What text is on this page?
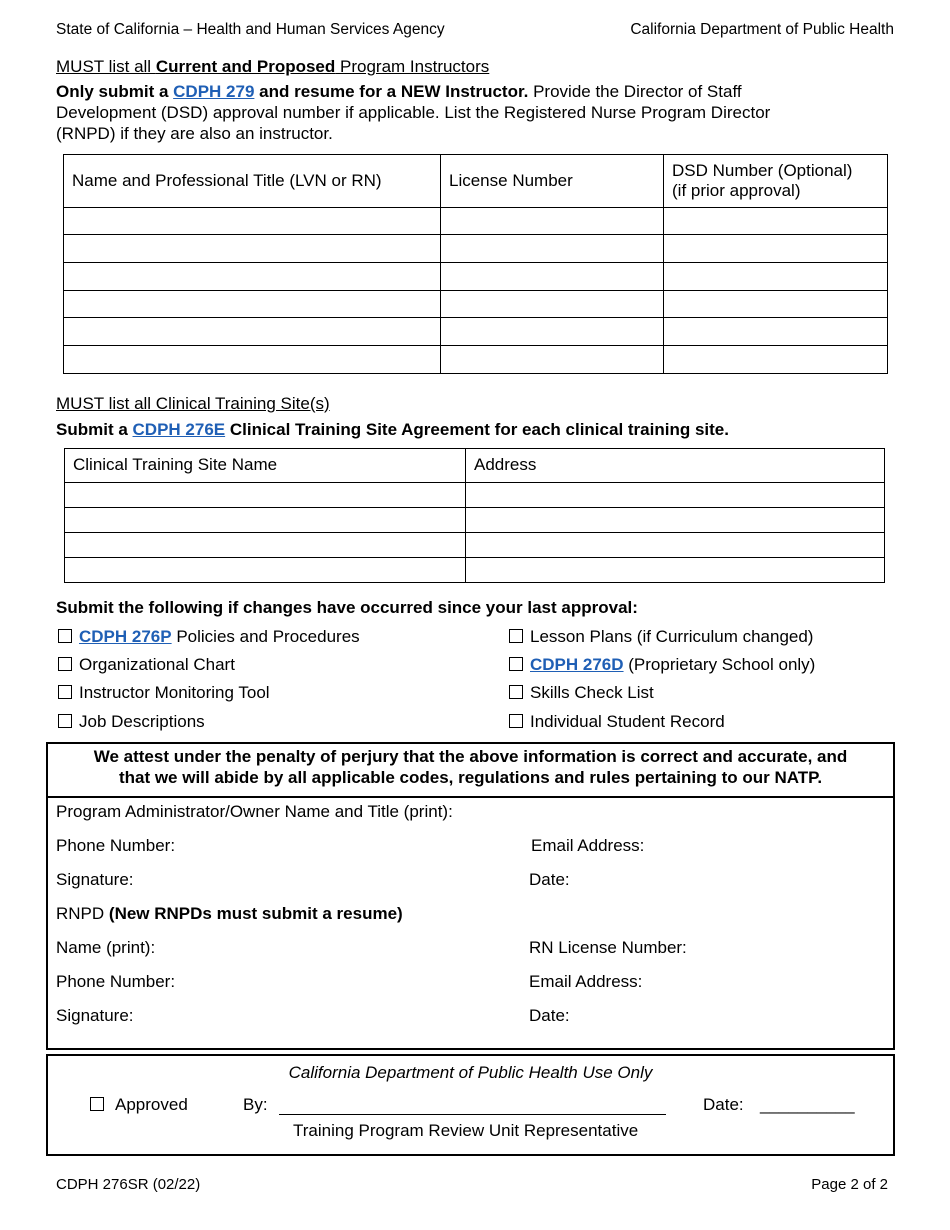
State of California – Health and Human Services Agency	California Department of Public Health
MUST list all Current and Proposed Program Instructors
Only submit a CDPH 279 and resume for a NEW Instructor. Provide the Director of Staff
Development (DSD) approval number if applicable. List the Registered Nurse Program Director
(RNPD) if they are also an instructor.
Name and Professional Title (LVN or RN)	License Number	DSD Number (Optional)
(if prior approval)

MUST list all Clinical Training Site(s)
Submit a CDPH 276E Clinical Training Site Agreement for each clinical training site.
Clinical Training Site Name	Address

Submit the following if changes have occurred since your last approval:
CDPH 276P Policies and Procedures
Organizational Chart
Instructor Monitoring Tool
Job Descriptions
Lesson Plans (if Curriculum changed)
CDPH 276D (Proprietary School only)
Skills Check List
Individual Student Record
We attest under the penalty of perjury that the above information is correct and accurate, and
that we will abide by all applicable codes, regulations and rules pertaining to our NATP.
Program Administrator/Owner Name and Title (print):
Phone Number:	Email Address:
Signature:	Date:
RNPD (New RNPDs must submit a resume)
Name (print):	RN License Number:
Phone Number:	Email Address:
Signature:	Date:
California Department of Public Health Use Only
Approved	By:	Date: __________
Training Program Review Unit Representative
CDPH 276SR (02/22)	Page 2 of 2
